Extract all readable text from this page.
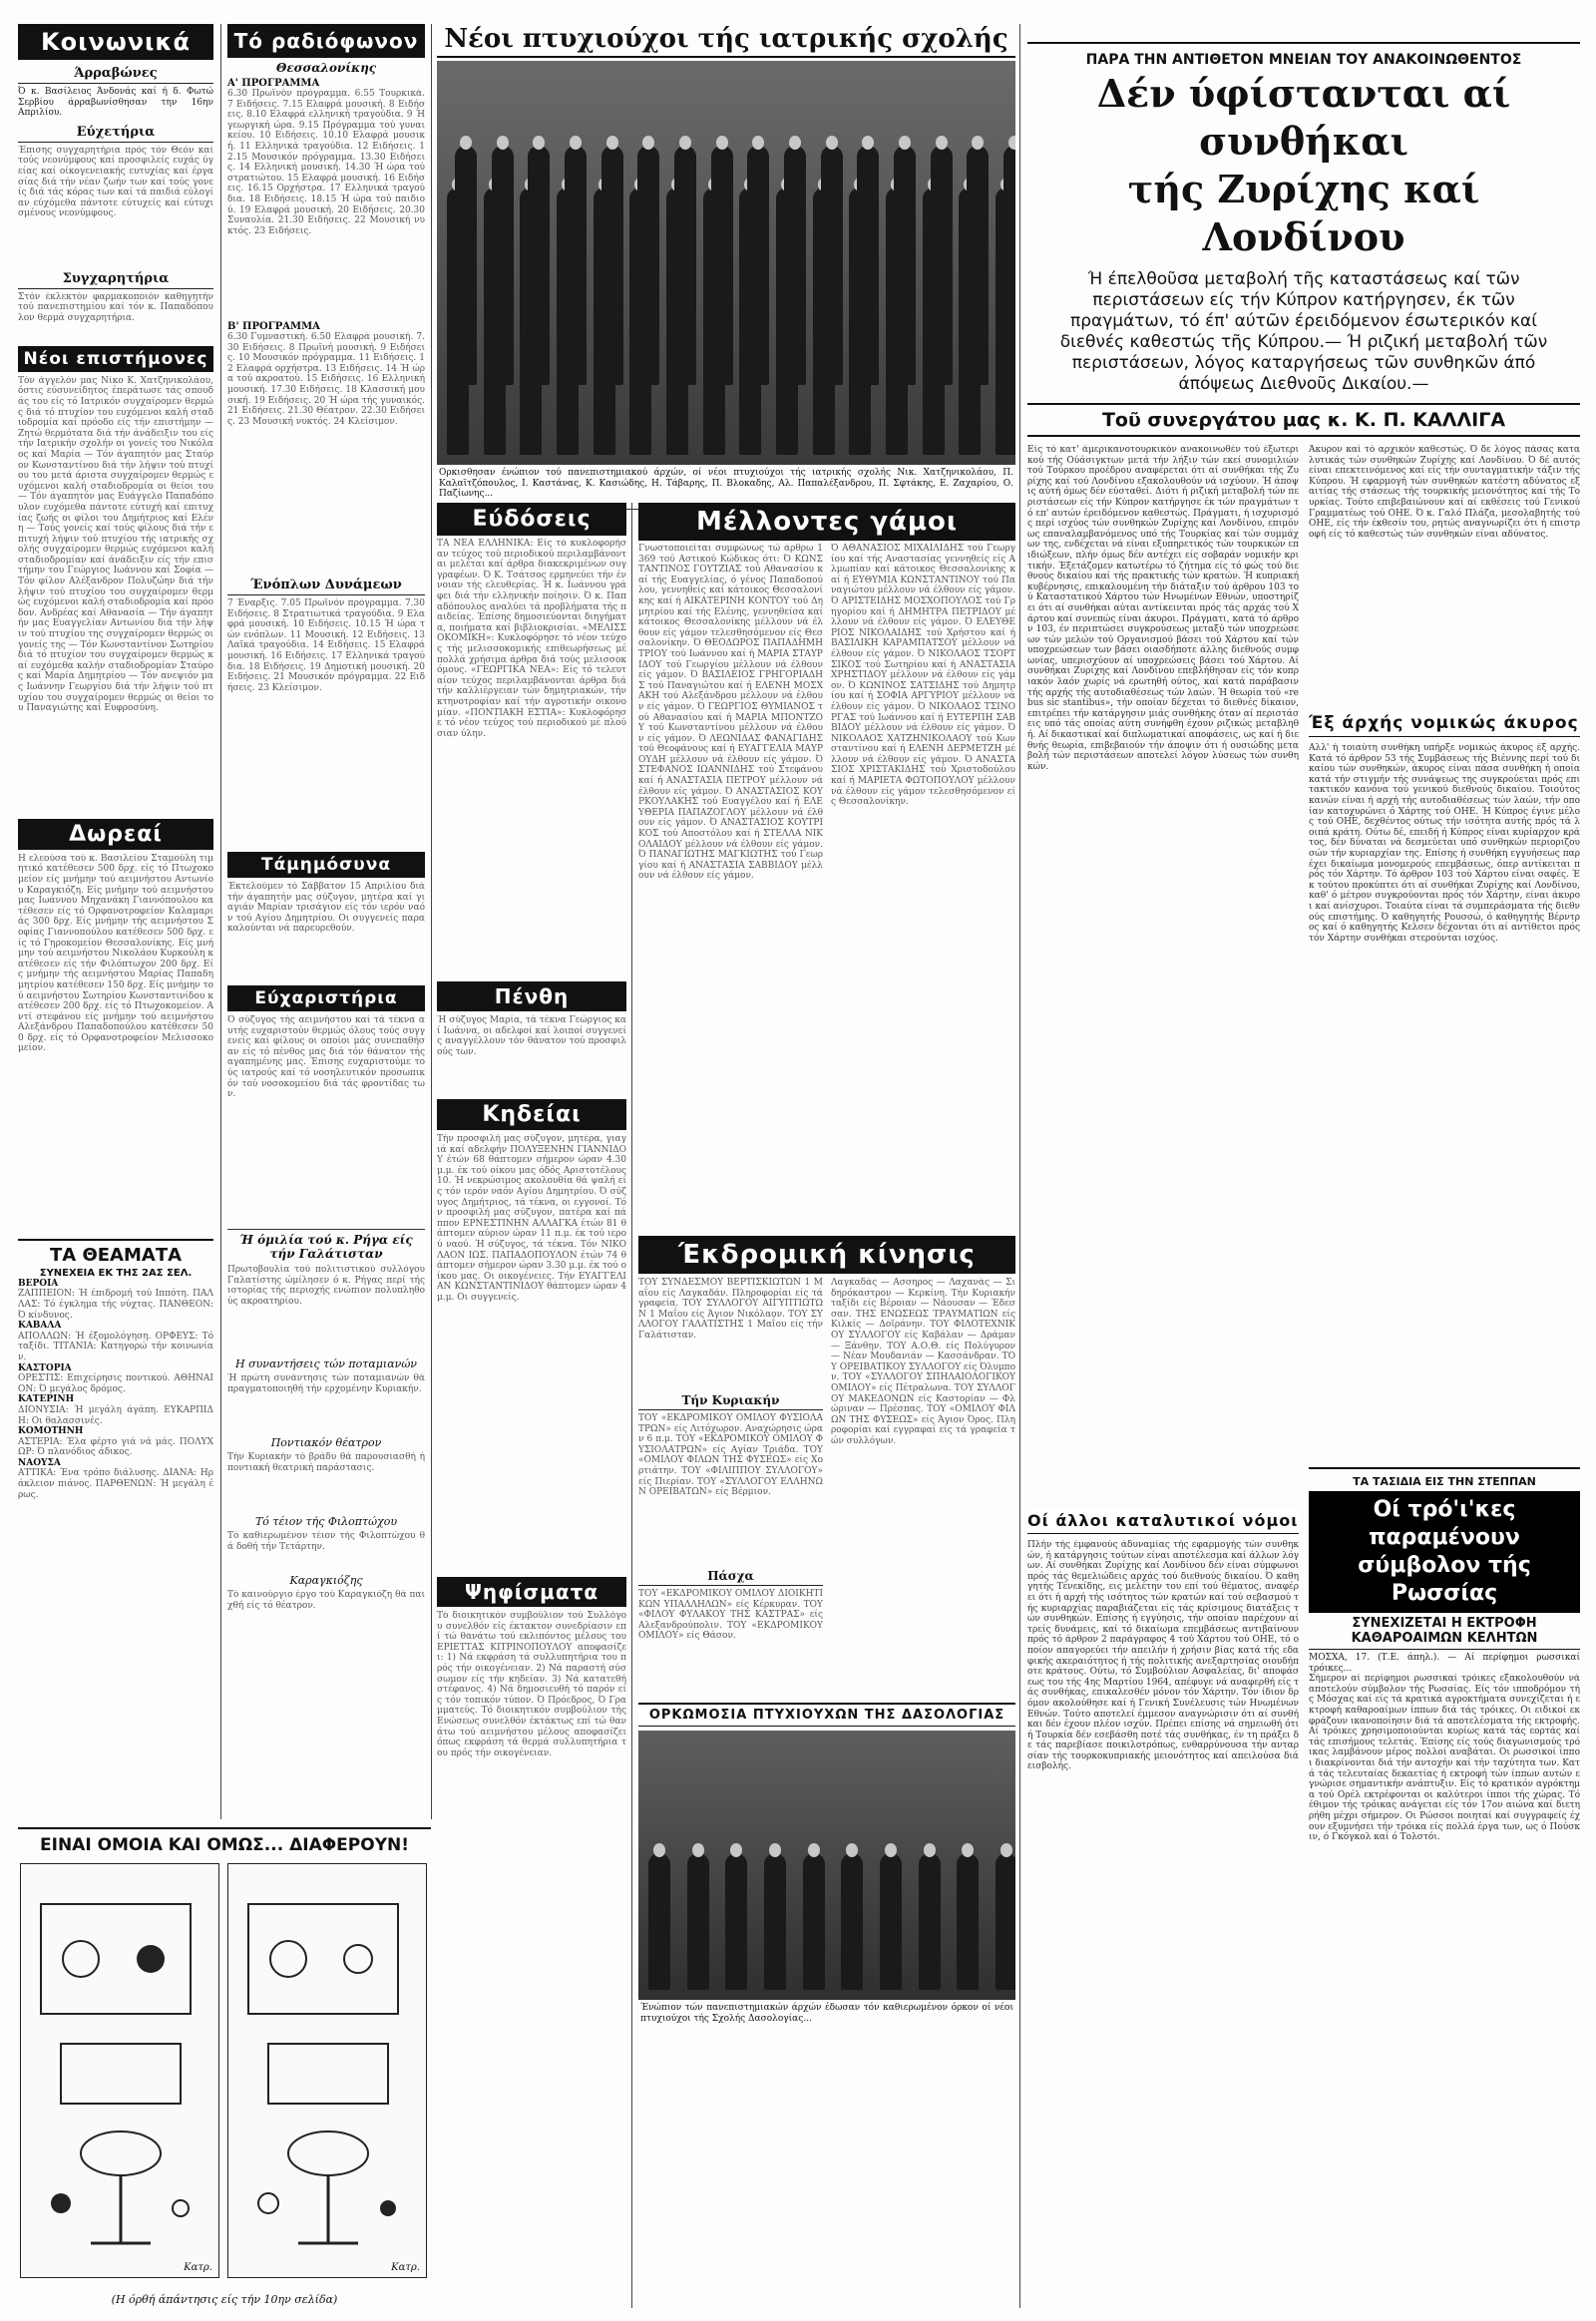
Κοινωνικά
Άρραβώνες
Ό κ. Βασίλειος Άνδονάς καί ή δ. Φωτώ Σερβίου άρραβωνίσθησαν την 16ην Απριλίου.
Εύχετήρια
Έπισης συγχαρητήρια πρός τόν Θεόν καί τούς νεονύμφους καί προσφιλείς ευχάς ύγείας καί οίκογενειακής ευτυχίας καί έργασίας διά τήν νέαν ζωήν των καί τούς γονείς διά τάς κόρας των καί τά παιδιά εύλογίαν εύχόμεθα πάντοτε εύτυχείς καί εύτυχισμένους νεονύμφους.
Συγχαρητήρια
Στόν έκλεκτόν φαρμακοποιόν καθηγητήν τού πανεπιστημίου καί τόν κ. Παπαδόπουλον θερμά συγχαρητήρια.
Νέοι επιστήμονες
Τόν άγγελόν μας Νίκο Κ. Χατζηνικολάου, όστις εύσυνείδητος έπεράτωσε τάς σπουδάς του είς τό Ιατρικόν συγχαίρομεν θερμώς διά τό πτυχίον του ευχόμενοι καλή σταδιοδρομία καί πρόοδο είς τήν επιστήμην — Ζητώ θερμότατα διά τήν άνάδειξιν του είς τήν Ιατρικήν σχολήν οι γονείς του Νικόλαος καί Μαρία — Τόν άγαπητόν μας Σταύρον Κωνσταντίνου διά τήν λήψιν τού πτυχίου του μετά άριστα συγχαίρομεν θερμώς ευχόμενοι καλή σταδιοδρομία οι θείοι του — Τόν άγαπητόν μας Ευάγγελο Παπαδόπουλον ευχόμεθα πάντοτε εύτυχή καί επιτυχίας ζωής οι φίλοι του Δημήτριος καί Ελένη — Τούς γονείς καί τούς φίλους διά τήν επιτυχή λήψιν τού πτυχίου τής ιατρικής σχολής συγχαίρομεν θερμώς ευχόμενοι καλή σταδιοδρομίαν καί άνάδειξιν είς τήν επιστήμην του Γεώργιος Ιωάννου καί Σοφία — Τόν φίλον Αλέξανδρον Πολυζώην διά τήν λήψιν τού πτυχίου του συγχαίρομεν θερμώς ευχόμενοι καλή σταδιοδρομία καί πρόοδον. Ανδρέας καί Αθανασία — Τήν άγαπητήν μας Ευαγγελίαν Αντωνίου διά τήν λήψιν τού πτυχίου της συγχαίρομεν θερμώς οι γονείς της — Τόν Κωνσταντίνον Σωτηρίου διά τό πτυχίον του συγχαίρομεν θερμώς καί ευχόμεθα καλήν σταδιοδρομίαν Σταύρος καί Μαρία Δημητρίου — Τόν ανεψιόν μας Ιωάννην Γεωργίου διά τήν λήψιν τού πτυχίου του συγχαίρομεν θερμώς οι θείοι του Παναγιώτης καί Ευφροσύνη.
Δωρεαί
Η ελεούσα τού κ. Βασιλείου Σταμούλη τιμητικό κατέθεσεν 500 δρχ. είς τό Πτωχοκομείον είς μνήμην τού αειμνήστου Αντωνίου Καραγκιόζη. Είς μνήμην τού αειμνήστου μας Ιωάννου Μηχανάκη Γιαννόπουλου κατέθεσεν είς τό Ορφανοτροφείον Καλαμαριάς 300 δρχ. Είς μνήμην τής αειμνήστου Σοφίας Γιαννοπούλου κατέθεσεν 500 δρχ. είς τό Γηροκομείον Θεσσαλονίκης. Είς μνήμην τού αειμνήστου Νικολάου Κυρκούλη κατέθεσεν είς τήν Φιλόπτωχον 200 δρχ. Είς μνήμην τής αειμνήστου Μαρίας Παπαδημητρίου κατέθεσεν 150 δρχ. Είς μνήμην τού αειμνήστου Σωτηρίου Κωνσταντινίδου κατέθεσεν 200 δρχ. είς τό Πτωχοκομείον. Αντί στεφάνου είς μνήμην τού αειμνήστου Αλεξάνδρου Παπαδοπούλου κατέθεσεν 500 δρχ. είς τό Ορφανοτροφείον Μελισσοκομείον.
ΤΑ ΘΕΑΜΑΤΑ
ΣΥΝΕΧΕΙΑ ΕΚ ΤΗΣ 2ΑΣ ΣΕΛ.
ΒΕΡΟΙΑ
ΖΑΠΠΕΙΟΝ: Ή έπιδρομή τού Ιππότη. ΠΑΛΛΑΣ: Τό έγκλημα τής νύχτας. ΠΑΝΘΕΟΝ: Ό κίνδυνος.
ΚΑΒΑΛΑ
ΑΠΟΛΛΩΝ: Ή έξομολόγηση. ΟΡΦΕΥΣ: Τό ταξίδι. ΤΙΤΑΝΙΑ: Κατηγορώ τήν κοινωνίαν.
ΚΑΣΤΟΡΙΑ
ΟΡΕΣΤΙΣ: Επιχείρησις ποντικού. ΑΘΗΝΑΙΟΝ: Ό μεγάλος δρόμος.
ΚΑΤΕΡΙΝΗ
ΔΙΟΝΥΣΙΑ: Ή μεγάλη άγάπη. ΕΥΚΑΡΠΙΔΗ: Οι θαλασσινές.
ΚΟΜΟΤΗΝΗ
ΑΣΤΕΡΙΑ: Έλα φέρτο γιά νά μάς. ΠΟΛΥΧΩΡ: Ό πλανόδιος άδικος.
ΝΑΟΥΣΑ
ΑΤΤΙΚΑ: Ένα τρόπο διάλυσης. ΔΙΑΝΑ: Ηράκλειον πιάνος. ΠΑΡΘΕΝΩΝ: Ή μεγάλη έρως.
Τό ραδιόφωνον
Θεσσαλονίκης
Α' ΠΡΟΓΡΑΜΜΑ
6.30 Πρωϊνόν πρόγραμμα. 6.55 Τουρκικά. 7 Ειδήσεις. 7.15 Ελαφρά μουσική. 8 Ειδήσεις. 8.10 Ελαφρά ελληνική τραγούδια. 9 Ή γεωργική ώρα. 9.15 Πρόγραμμα τού γυναικείου. 10 Ειδήσεις. 10.10 Ελαφρά μουσική. 11 Ελληνικά τραγούδια. 12 Ειδήσεις. 12.15 Μουσικόν πρόγραμμα. 13.30 Ειδήσεις. 14 Ελληνική μουσική. 14.30 Ή ώρα τού στρατιώτου. 15 Ελαφρά μουσική. 16 Ειδήσεις. 16.15 Ορχήστρα. 17 Ελληνικά τραγούδια. 18 Ειδήσεις. 18.15 Ή ώρα τού παιδιού. 19 Ελαφρά μουσική. 20 Ειδήσεις. 20.30 Συναυλία. 21.30 Ειδήσεις. 22 Μουσική νυκτός. 23 Ειδήσεις.
Β' ΠΡΟΓΡΑΜΜΑ
6.30 Γυμναστική. 6.50 Ελαφρά μουσική. 7.30 Ειδήσεις. 8 Πρωϊνή μουσική. 9 Ειδήσεις. 10 Μουσικόν πρόγραμμα. 11 Ειδήσεις. 12 Ελαφρά ορχήστρα. 13 Ειδήσεις. 14 Ή ώρα τού ακροατού. 15 Ειδήσεις. 16 Ελληνική μουσική. 17.30 Ειδήσεις. 18 Κλασσική μουσική. 19 Ειδήσεις. 20 Ή ώρα τής γυναικός. 21 Ειδήσεις. 21.30 Θέατρον. 22.30 Ειδήσεις. 23 Μουσική νυκτός. 24 Κλείσιμον.
Ένόπλων Δυνάμεων
7 Έναρξις. 7.05 Πρωϊνόν πρόγραμμα. 7.30 Ειδήσεις. 8 Στρατιωτικά τραγούδια. 9 Ελαφρά μουσική. 10 Ειδήσεις. 10.15 Ή ώρα τών ενόπλων. 11 Μουσική. 12 Ειδήσεις. 13 Λαϊκά τραγούδια. 14 Ειδήσεις. 15 Ελαφρά μουσική. 16 Ειδήσεις. 17 Ελληνικά τραγούδια. 18 Ειδήσεις. 19 Δημοτική μουσική. 20 Ειδήσεις. 21 Μουσικόν πρόγραμμα. 22 Ειδήσεις. 23 Κλείσιμον.
Τάμημόσυνα
Έκτελούμεν τό Σάββατον 15 Απριλίου διά τήν άγαπητήν μας σύζυγον, μητέρα καί γιαγιάν Μαρίαν τρισάγιον είς τόν ιερόν ναόν τού Αγίου Δημητρίου. Οι συγγενείς παρακαλούνται νά παρευρεθούν.
Εύχαριστήρια
Ό σύζυγος τής αειμνήστου καί τά τέκνα αυτής ευχαριστούν θερμώς όλους τούς συγγενείς καί φίλους οι οποίοι μάς συνεπαθήσαν είς τό πένθος μας διά τόν θάνατον τής αγαπημένης μας. Έπισης ευχαριστούμε τούς ιατρούς καί τό νοσηλευτικόν προσωπικόν τού νοσοκομείου διά τάς φροντίδας των.
Ή όμιλία τού κ. Ρήγα είς τήν Γαλάτισταν
Πρωτοβουλία τού πολιτιστικού συλλόγου Γαλατίστης ώμίλησεν ό κ. Ρήγας περί τής ιστορίας τής περιοχής ενώπιον πολυπληθούς ακροατηρίου.
Η συναντήσεις τών ποταμιανών
Ή πρώτη συνάντησις τών ποταμιανών θά πραγματοποιηθή τήν ερχομένην Κυριακήν.
Ποντιακόν θέατρον
Τήν Κυριακήν τό βράδυ θά παρουσιασθή ή ποντιακή θεατρική παράστασις.
Τό τέιον τής Φιλοπτώχου
Τό καθιερωμένον τέιον τής Φιλοπτώχου θά δοθή τήν Τετάρτην.
Καραγκιόζης
Τό καινούργιο έργο τού Καραγκιόζη θά παιχθή είς τό θέατρον.
Νέοι πτυχιούχοι τής ιατρικής σχολής
Ορκισθησαν ένώπιον τού πανεπιστημιακού άρχών, οί νέοι πτυχιούχοι τής ιατρικής σχολής Νικ. Χατζηνικολάου, Π. Καλαϊτζόπουλος, Ι. Καστάνας, Κ. Κασιώδης, Η. Τάβαρης, Π. Βλοκαδης, Αλ. Παπαλέξανδρου, Π. Σφτάκης, Ε. Ζαχαρίου, Ο. Παζίωνης...
Εύδόσεις
ΤΑ ΝΕΑ ΕΛΛΗΝΙΚΑ: Είς τό κυκλοφορήσαν τεύχος τού περιοδικού περιλαμβάνονται μελέται καί άρθρα διακεκριμένων συγγραφέων. Ό Κ. Τσάτσος ερμηνεύει τήν έννοιαν τής ελευθερίας. Ή κ. Ιωάννου γράφει διά τήν ελληνικήν ποίησιν. Ό κ. Παπαδόπουλος αναλύει τά προβλήματα τής παιδείας. Έπίσης δημοσιεύονται διηγήματα, ποιήματα καί βιβλιοκρισίαι. «ΜΕΛΙΣΣΟΚΟΜΙΚΗ»: Κυκλοφόρησε τό νέον τεύχος τής μελισσοκομικής επιθεωρήσεως μέ πολλά χρήσιμα άρθρα διά τούς μελισσοκόμους. «ΓΕΩΡΓΙΚΑ ΝΕΑ»: Είς τό τελευταίον τεύχος περιλαμβάνονται άρθρα διά τήν καλλιέργειαν τών δημητριακών, τήν κτηνοτροφίαν καί τήν αγροτικήν οικονομίαν. «ΠΟΝΤΙΑΚΗ ΕΣΤΙΑ»: Κυκλοφόρησε τό νέον τεύχος τού περιοδικού μέ πλούσιαν ύλην.
Πένθη
Ή σύζυγος Μαρία, τά τέκνα Γεώργιος καί Ιωάννα, οι αδελφοί καί λοιποί συγγενείς αναγγέλλουν τόν θάνατον τού προσφιλούς των.
Κηδείαι
Τήν προσφιλή μας σύζυγον, μητέρα, γιαγιά καί αδελφήν ΠΟΛΥΞΕΝΗΝ ΓΙΑΝΝΙΔΟΥ έτών 68 θάπτομεν σήμερον ώραν 4.30 μ.μ. έκ τού οίκου μας όδός Αριστοτέλους 10. Ή νεκρώσιμος ακολουθία θά ψαλή είς τόν ιερόν ναόν Αγίου Δημητρίου. Ό σύζυγος Δημήτριος, τά τέκνα, οι εγγονοί. Τόν προσφιλή μας σύζυγον, πατέρα καί πάππον ΕΡΝΕΣΤΙΝΗΝ ΑΛΛΑΓΚΑ έτών 81 θάπτομεν αύριον ώραν 11 π.μ. έκ τού ιερού ναού. Ή σύζυγος, τά τέκνα. Τόν ΝΙΚΟΛΑΟΝ ΙΩΣ. ΠΑΠΑΔΟΠΟΥΛΟΝ έτών 74 θάπτομεν σήμερον ώραν 3.30 μ.μ. έκ τού οίκου μας. Οι οικογένειες. Τήν ΕΥΑΓΓΕΛΙΑΝ ΚΩΝΣΤΑΝΤΙΝΙΔΟΥ θάπτομεν ώραν 4 μ.μ. Οι συγγενείς.
Ψηφίσματα
Τό διοικητικόν συμβούλιον τού Συλλόγου συνελθόν είς έκτακτον συνεδρίασιν επί τώ θανάτω τού εκλιπόντος μέλους του ΕΡΙΕΤΤΑΣ ΚΙΤΡΙΝΟΠΟΥΛΟΥ αποφασίζει: 1) Νά εκφράση τά συλλυπητήρια του πρός τήν οικογένειαν. 2) Νά παραστή σύσσωμον είς τήν κηδείαν. 3) Νά κατατεθή στέφανος. 4) Νά δημοσιευθή τό παρόν είς τόν τοπικόν τύπον. Ό Πρόεδρος, Ό Γραμματεύς. Τό διοικητικόν συμβούλιον τής Ενώσεως συνελθόν έκτάκτως επί τώ θανάτω τού αειμνήστου μέλους αποφασίζει όπως εκφράση τά θερμά συλλυπητήρια του πρός τήν οικογένειαν.
Μέλλοντες γάμοι
Γνωστοποιείται συμφώνως τώ άρθρω 1369 τού Αστικού Κώδικος ότι: Ό ΚΩΝΣΤΑΝΤΙΝΟΣ ΓΟΥΤΖΙΑΣ τού Αθανασίου καί τής Ευαγγελίας, ό γένος Παπαδοπούλου, γεννηθείς καί κάτοικος Θεσσαλονίκης καί ή ΑΙΚΑΤΕΡΙΝΗ ΚΟΝΤΟΥ τού Δημητρίου καί τής Ελένης, γεννηθείσα καί κάτοικος Θεσσαλονίκης μέλλουν νά έλθουν είς γάμον τελεσθησόμενον είς Θεσσαλονίκην. Ό ΘΕΟΔΩΡΟΣ ΠΑΠΑΔΗΜΗΤΡΙΟΥ τού Ιωάννου καί ή ΜΑΡΙΑ ΣΤΑΥΡΙΔΟΥ τού Γεωργίου μέλλουν νά έλθουν είς γάμον. Ό ΒΑΣΙΛΕΙΟΣ ΓΡΗΓΟΡΙΑΔΗΣ τού Παναγιώτου καί ή ΕΛΕΝΗ ΜΟΣΧΑΚΗ τού Αλεξάνδρου μέλλουν νά έλθουν είς γάμον. Ό ΓΕΩΡΓΙΟΣ ΘΥΜΙΑΝΟΣ τού Αθανασίου καί ή ΜΑΡΙΑ ΜΠΟΝΤΖΟΥ τού Κωνσταντίνου μέλλουν νά έλθουν είς γάμον. Ό ΛΕΩΝΙΔΑΣ ΦΑΝΑΓΙΔΗΣ τού Θεοφάνους καί ή ΕΥΑΓΓΕΛΙΑ ΜΑΥΡΟΥΔΗ μέλλουν νά έλθουν είς γάμον. Ό ΣΤΕΦΑΝΟΣ ΙΩΑΝΝΙΔΗΣ τού Στεφάνου καί ή ΑΝΑΣΤΑΣΙΑ ΠΕΤΡΟΥ μέλλουν νά έλθουν είς γάμον. Ό ΑΝΑΣΤΑΣΙΟΣ ΚΟΥΡΚΟΥΛΑΚΗΣ τού Ευαγγέλου καί ή ΕΛΕΥΘΕΡΙΑ ΠΑΠΑΖΟΓΛΟΥ μέλλουν νά έλθουν είς γάμον. Ό ΑΝΑΣΤΑΣΙΟΣ ΚΟΥΤΡΙΚΟΣ τού Αποστόλου καί ή ΣΤΕΛΛΑ ΝΙΚΟΛΑΙΔΟΥ μέλλουν νά έλθουν είς γάμον. Ό ΠΑΝΑΓΙΩΤΗΣ ΜΑΓΚΙΩΤΗΣ τού Γεωργίου καί ή ΑΝΑΣΤΑΣΙΑ ΣΑΒΒΙΔΟΥ μέλλουν νά έλθουν είς γάμον.
Ό ΑΘΑΝΑΣΙΟΣ ΜΙΧΑΙΛΙΔΗΣ τού Γεωργίου καί τής Αναστασίας γεννηθείς είς Αλμωπίαν καί κάτοικος Θεσσαλονίκης καί ή ΕΥΘΥΜΙΑ ΚΩΝΣΤΑΝΤΙΝΟΥ τού Παναγιώτου μέλλουν νά έλθουν είς γάμον. Ό ΑΡΙΣΤΕΙΔΗΣ ΜΟΣΧΟΠΟΥΛΟΣ τού Γρηγορίου καί ή ΔΗΜΗΤΡΑ ΠΕΤΡΙΔΟΥ μέλλουν νά έλθουν είς γάμον. Ό ΕΛΕΥΘΕΡΙΟΣ ΝΙΚΟΛΑΙΔΗΣ τού Χρήστου καί ή ΒΑΣΙΛΙΚΗ ΚΑΡΑΜΠΑΤΣΟΥ μέλλουν νά έλθουν είς γάμον. Ό ΝΙΚΟΛΑΟΣ ΤΣΟΡΤΣΙΚΟΣ τού Σωτηρίου καί ή ΑΝΑΣΤΑΣΙΑ ΧΡΗΣΤΙΔΟΥ μέλλουν νά έλθουν είς γάμον. Ό ΚΩΝΙΝΟΣ ΣΑΤΣΙΔΗΣ τού Δημητρίου καί ή ΣΟΦΙΑ ΑΡΓΥΡΙΟΥ μέλλουν νά έλθουν είς γάμον. Ό ΝΙΚΟΛΑΟΣ ΤΣΙΝΟΡΓΑΣ τού Ιωάννου καί ή ΕΥΤΕΡΠΗ ΣΑΒΒΙΔΟΥ μέλλουν νά έλθουν είς γάμον. Ό ΝΙΚΟΛΑΟΣ ΧΑΤΖΗΝΙΚΟΛΑΟΥ τού Κωνσταντίνου καί ή ΕΛΕΝΗ ΔΕΡΜΕΤΖΗ μέλλουν νά έλθουν είς γάμον. Ό ΑΝΑΣΤΑΣΙΟΣ ΧΡΙΣΤΑΚΙΔΗΣ τού Χριστοδούλου καί ή ΜΑΡΙΕΤΑ ΦΩΤΟΠΟΥΛΟΥ μέλλουν νά έλθουν είς γάμον τελεσθησόμενον είς Θεσσαλονίκην.
Έκδρομική κίνησις
ΤΟΥ ΣΥΝΔΕΣΜΟΥ ΒΕΡΤΙΣΚΙΩΤΩΝ 1 Μαΐου είς Λαγκαδάν. Πληροφορίαι είς τά γραφεία. ΤΟΥ ΣΥΛΛΟΓΟΥ ΑΙΓΥΠΤΙΩΤΩΝ 1 Μαΐου είς Άγιον Νικόλαον. ΤΟΥ ΣΥΛΛΟΓΟΥ ΓΑΛΑΤΙΣΤΗΣ 1 Μαΐου είς τήν Γαλάτισταν.
Τήν Κυριακήν
ΤΟΥ «ΕΚΔΡΟΜΙΚΟΥ ΟΜΙΛΟΥ ΦΥΣΙΟΛΑΤΡΩΝ» είς Λιτόχωρον. Αναχώρησις ώραν 6 π.μ. ΤΟΥ «ΕΚΔΡΟΜΙΚΟΥ ΟΜΙΛΟΥ ΦΥΣΙΟΛΑΤΡΩΝ» είς Αγίαν Τριάδα. ΤΟΥ «ΟΜΙΛΟΥ ΦΙΛΩΝ ΤΗΣ ΦΥΣΕΩΣ» είς Χορτιάτην. ΤΟΥ «ΦΙΛΙΠΠΟΥ ΣΥΛΛΟΓΟΥ» είς Πιερίαν. ΤΟΥ «ΣΥΛΛΟΓΟΥ ΕΛΛΗΝΩΝ ΟΡΕΙΒΑΤΩΝ» είς Βέρμιον.
Πάσχα
ΤΟΥ «ΕΚΔΡΟΜΙΚΟΥ ΟΜΙΛΟΥ ΔΙΟΙΚΗΤΙΚΩΝ ΥΠΑΛΛΗΛΩΝ» είς Κέρκυραν. ΤΟΥ «ΦΙΛΟΥ ΦΥΛΑΚΟΥ ΤΗΣ ΚΑΣΤΡΑΣ» είς Αλεξανδρούπολιν. ΤΟΥ «ΕΚΔΡΟΜΙΚΟΥ ΟΜΙΛΟΥ» είς Θάσον.
Λαγκαδάς — Ασσηρος — Λαχανάς — Σιδηρόκαστρον — Κερκίνη. Τήν Κυριακήν ταξίδι είς Βέροιαν — Νάουσαν — Έδεσσαν. ΤΗΣ ΕΝΩΣΕΩΣ ΤΡΑΥΜΑΤΙΩΝ είς Κιλκίς — Δοϊράνην. ΤΟΥ ΦΙΛΟΤΕΧΝΙΚΟΥ ΣΥΛΛΟΓΟΥ είς Καβάλαν — Δράμαν — Ξάνθην. ΤΟΥ Α.Ο.Θ. είς Πολύγυρον — Νέαν Μουδανιάν — Κασσάνδραν. ΤΟΥ ΟΡΕΙΒΑΤΙΚΟΥ ΣΥΛΛΟΓΟΥ είς Όλυμπον. ΤΟΥ «ΣΥΛΛΟΓΟΥ ΣΠΗΛΑΙΟΛΟΓΙΚΟΥ ΟΜΙΛΟΥ» είς Πέτραλωνα. ΤΟΥ ΣΥΛΛΟΓΟΥ ΜΑΚΕΔΟΝΩΝ είς Καστορίαν — Φλώριναν — Πρέσπας. ΤΟΥ «ΟΜΙΛΟΥ ΦΙΛΩΝ ΤΗΣ ΦΥΣΕΩΣ» είς Άγιον Όρος. Πληροφορίαι καί εγγραφαί είς τά γραφεία τών συλλόγων.
ΟΡΚΩΜΟΣΙΑ ΠΤΥΧΙΟΥΧΩΝ ΤΗΣ ΔΑΣΟΛΟΓΙΑΣ
Ένώπιον τών πανεπιστημιακών άρχών έδωσαν τόν καθιερωμένον όρκον οί νέοι πτυχιούχοι τής Σχολής Δασολογίας...
ΠΑΡΑ ΤΗΝ ΑΝΤΙΘΕΤΟΝ ΜΝΕΙΑΝ ΤΟΥ ΑΝΑΚΟΙΝΩΘΕΝΤΟΣ
Δέν ύφίστανται αί συνθήκαι
τής Ζυρίχης καί Λονδίνου
Ή έπελθοῦσα μεταβολή τῆς καταστάσεως καί τῶν περιστάσεων είς τήν Κύπρον κατήργησεν, έκ τῶν πραγμάτων, τό έπ' αύτῶν έρειδόμενον έσωτερικόν καί διεθνές καθεστώς τῆς Κύπρου.— Ή ριζική μεταβολή τῶν περιστάσεων, λόγος καταργήσεως τῶν συνθηκῶν άπό άπόψεως Διεθνοῦς Δικαίου.—
Τοῦ συνεργάτου μας κ. Κ. Π. ΚΑΛΛΙΓΑ
Είς τό κατ' άμερικανοτουρκικόν ανακοινωθέν τού έξωτερικού τής Ούάσιγκτων μετά τήν λήξιν τών εκεί συνομιλιών τού Τούρκου προέδρου αναφέρεται ότι αί συνθήκαι τής Ζυρίχης καί τού Λονδίνου εξακολουθούν νά ισχύουν. Ή άποψις αύτή όμως δέν εύσταθεί. Διότι ή ριζική μεταβολή τών περιστάσεων είς τήν Κύπρον κατήργησε έκ τών πραγμάτων τό επ' αυτών έρειδόμενον καθεστώς. Πράγματι, ή ισχυρισμός περί ισχύος τών συνθηκών Ζυρίχης καί Λονδίνου, επιμόνως επαναλαμβανόμενος υπό τής Τουρκίας καί τών συμμάχων της, ενδέχεται νά είναι εξυπηρετικός τών τουρκικών επιδιώξεων, πλήν όμως δέν αντέχει είς σοβαράν νομικήν κριτικήν. Έξετάζομεν κατωτέρω τό ζήτημα είς τό φώς τού διεθνούς δικαίου καί τής πρακτικής τών κρατών. Ή κυπριακή κυβέρνησις, επικαλουμένη τήν διάταξιν τού άρθρου 103 τού Καταστατικού Χάρτου τών Ηνωμένων Εθνών, υποστηρίζει ότι αί συνθήκαι αύται αντίκεινται πρός τάς αρχάς τού Χάρτου καί συνεπώς είναι άκυροι. Πράγματι, κατά τό άρθρον 103, έν περιπτώσει συγκρούσεως μεταξύ τών υποχρεώσεων τών μελών τού Οργανισμού βάσει τού Χάρτου καί τών υποχρεώσεων των βάσει οιασδήποτε άλλης διεθνούς συμφωνίας, υπερισχύουν αί υποχρεώσεις βάσει τού Χάρτου. Αί συνθήκαι Ζυρίχης καί Λονδίνου επεβλήθησαν είς τόν κυπριακόν λαόν χωρίς νά ερωτηθή ούτος, καί κατά παράβασιν τής αρχής τής αυτοδιαθέσεως τών λαών. Ή θεωρία τού «rebus sic stantibus», τήν οποίαν δέχεται τό διεθνές δίκαιον, επιτρέπει τήν κατάργησιν μιάς συνθήκης όταν αί περιστάσεις υπό τάς οποίας αύτη συνήφθη έχουν ριζικώς μεταβληθή. Αί δικαστικαί καί διπλωματικαί αποφάσεις, ως καί ή διεθνής θεωρία, επιβεβαιούν τήν άποψιν ότι ή ουσιώδης μεταβολή τών περιστάσεων αποτελεί λόγον λύσεως τών συνθηκών.
Οί άλλοι καταλυτικοί νόμοι
Πλήν τής έμφανούς άδυναμίας τής εφαρμογής τών συνθηκών, ή κατάργησις τούτων είναι αποτέλεσμα καί άλλων λόγων. Αί συνθήκαι Ζυρίχης καί Λονδίνου δέν είναι σύμφωνοι πρός τάς θεμελιώδεις αρχάς τού διεθνούς δικαίου. Ό καθηγητής Τένεκίδης, εις μελέτην του επί τού θέματος, αναφέρει ότι ή αρχή τής ισότητος τών κρατών καί τού σεβασμού τής κυριαρχίας παραβιάζεται είς τάς κρίσιμους διατάξεις τών συνθηκών. Επίσης ή εγγύησις, τήν οποίαν παρέχουν αί τρείς δυνάμεις, καί τό δικαίωμα επεμβάσεως αντιβαίνουν πρός τό άρθρον 2 παράγραφος 4 τού Χάρτου τού ΟΗΕ, τό οποίον απαγορεύει τήν απειλήν ή χρήσιν βίας κατά τής εδαφικής ακεραιότητος ή τής πολιτικής ανεξαρτησίας οιουδήποτε κράτους. Ούτω, τό Συμβούλιον Ασφαλείας, δι' αποφάσεως του τής 4ης Μαρτίου 1964, απέφυγε νά αναφερθή είς τάς συνθήκας, επικαλεσθέν μόνον τόν Χάρτην. Τόν ίδιον δρόμον ακολούθησε καί ή Γενική Συνέλευσις τών Ηνωμένων Εθνών. Τούτο αποτελεί έμμεσον αναγνώρισιν ότι αί συνθήκαι δέν έχουν πλέον ισχύν. Πρέπει επίσης νά σημειωθή ότι ή Τουρκία δέν εσεβάσθη ποτέ τάς συνθήκας, έν τη πράξει δε τάς παρεβίασε ποικιλοτρόπως, ενθαρρύνουσα τήν ανταρσίαν τής τουρκοκυπριακής μειονότητος καί απειλούσα διά εισβολής.
Άκυρον καί τό αρχικόν καθεστώς. Ό δε λόγος πάσας καταλυτικάς τών συνθηκών Ζυρίχης καί Λονδίνου. Ό δέ αυτός είναι επεκτεινόμενος καί είς τήν συνταγματικήν τάξιν τής Κύπρου. Ή εφαρμογή τών συνθηκών κατέστη αδύνατος εξ αιτίας τής στάσεως τής τουρκικής μειονότητος καί τής Τουρκίας. Τούτο επιβεβαιώνουν καί αί εκθέσεις τού Γενικού Γραμματέως τού ΟΗΕ. Ό κ. Γαλό Πλάζα, μεσολαβητής τού ΟΗΕ, είς τήν έκθεσίν του, ρητώς αναγνωρίζει ότι ή επιστροφή είς τό καθεστώς τών συνθηκών είναι αδύνατος.
Έξ άρχής νομικώς άκυρος
Αλλ' ή τοιαύτη συνθήκη υπήρξε νομικώς άκυρος έξ αρχής. Κατά τό άρθρον 53 τής Συμβάσεως τής Βιέννης περί τού δικαίου τών συνθηκών, άκυρος είναι πάσα συνθήκη ή οποία κατά τήν στιγμήν τής συνάψεως της συγκρούεται πρός επιτακτικόν κανόνα τού γενικού διεθνούς δικαίου. Τοιούτος κανών είναι ή αρχή τής αυτοδιαθέσεως τών λαών, τήν οποίαν κατοχυρώνει ό Χάρτης τού ΟΗΕ. Ή Κύπρος έγινε μέλος τού ΟΗΕ, δεχθέντος ούτως τήν ισότητα αυτής πρός τά λοιπά κράτη. Ούτω δέ, επειδή ή Κύπρος είναι κυρίαρχον κράτος, δέν δύναται νά δεσμεύεται υπό συνθηκών περιοριζουσών τήν κυριαρχίαν της. Επίσης ή συνθήκη εγγυήσεως παρέχει δικαίωμα μονομερούς επεμβάσεως, όπερ αντίκειται πρός τόν Χάρτην. Τό άρθρον 103 τού Χάρτου είναι σαφές. Έκ τούτου προκύπτει ότι αί συνθήκαι Ζυρίχης καί Λονδίνου, καθ' ό μέτρον συγκρούονται πρός τόν Χάρτην, είναι άκυροι καί ανίσχυροι. Τοιαύτα είναι τά συμπεράσματα τής διεθνούς επιστήμης. Ό καθηγητής Ρουσσώ, ό καθηγητής Βέρντρος καί ό καθηγητής Κελσεν δέχονται ότι αί αντίθετοι πρός τόν Χάρτην συνθήκαι στερούνται ισχύος.
ΤΑ ΤΑΣΙΔΙΑ ΕΙΣ ΤΗΝ ΣΤΕΠΠΑΝ
Οί τρό'ι'κες παραμένουν
σύμβολον τής Ρωσσίας
ΣΥΝΕΧΙΖΕΤΑΙ Η ΕΚΤΡΟΦΗ
ΚΑΘΑΡΟΑΙΜΩΝ ΚΕΛΗΤΩΝ
ΜΟΣΧΑ, 17. (Τ.Ε. άπηλ.). — Αί περίφημοι ρωσσικαί τρόικες...
Σήμερον αί περίφημοι ρωσσικαί τρόικες εξακολουθούν νά αποτελούν σύμβολον τής Ρωσσίας. Είς τόν ιπποδρόμον τής Μόσχας καί είς τά κρατικά αγροκτήματα συνεχίζεται ή εκτροφή καθαροαίμων ίππων διά τάς τρόικες. Οι ειδικοί εκφράζουν ικανοποίησιν διά τά αποτελέσματα τής εκτροφής. Αί τρόικες χρησιμοποιούνται κυρίως κατά τάς εορτάς καί τάς επισήμους τελετάς. Έπίσης είς τούς διαγωνισμούς τρόικας λαμβάνουν μέρος πολλοί αναβάται. Οι ρωσσικοί ίπποι διακρίνονται διά τήν αντοχήν καί τήν ταχύτητα των. Κατά τάς τελευταίας δεκαετίας ή εκτροφή τών ίππων αυτών εγνώρισε σημαντικήν ανάπτυξιν. Είς τό κρατικόν αγρόκτημα τού Ορέλ εκτρέφονται οι καλύτεροι ίπποι τής χώρας. Τό έθιμον τής τρόικας ανάγεται είς τόν 17ον αιώνα καί διετηρήθη μέχρι σήμερον. Οι Ρώσσοι ποιηταί καί συγγραφείς έχουν εξυμνήσει τήν τρόικα είς πολλά έργα των, ως ό Πούσκιν, ό Γκόγκολ καί ό Τολστόι.
ΕΙΝΑΙ ΟΜΟΙΑ ΚΑΙ ΟΜΩΣ... ΔΙΑΦΕΡΟΥΝ!
Κατρ.	Κατρ.
(Η όρθή άπάντησις είς τήν 10ην σελίδα)
